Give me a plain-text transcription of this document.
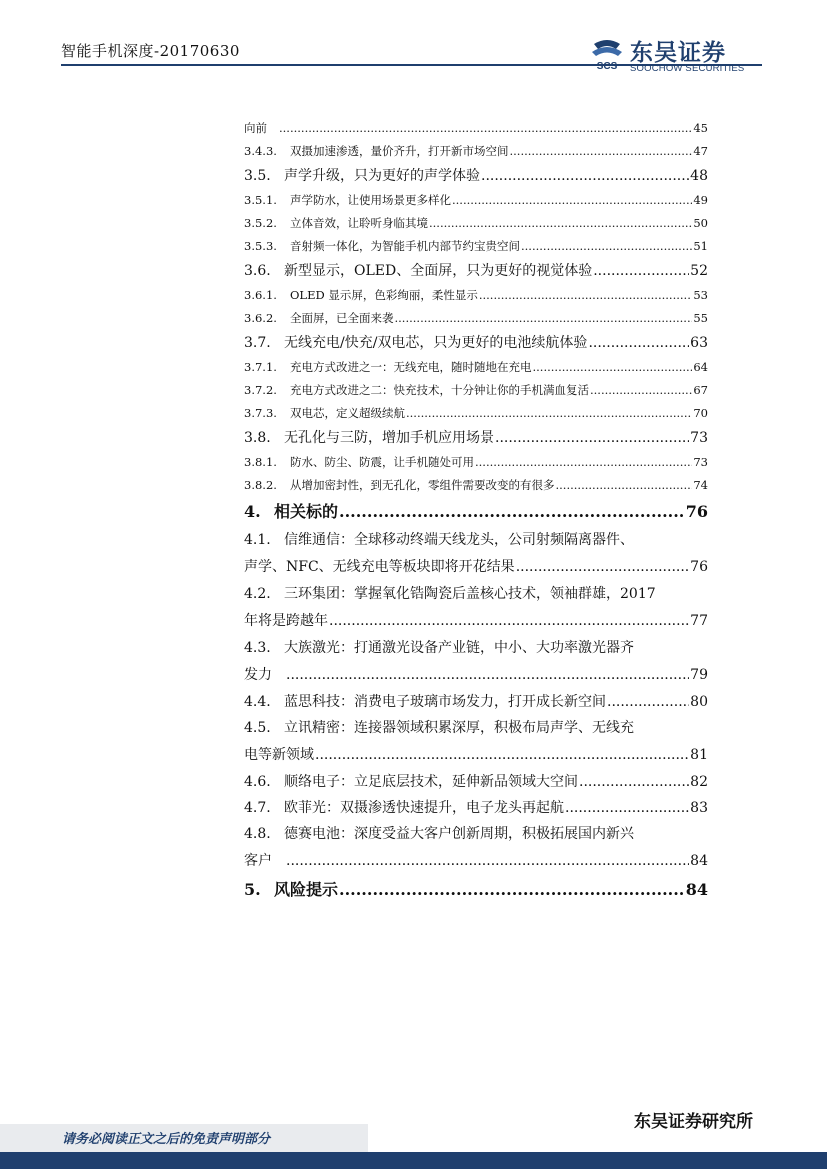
智能手机深度-20170630
SCS
东吴证券
SOOCHOW SECURITIES
向前 .....	45
3.4.3.	双摄加速渗透，量价齐升，打开新市场空间 .....	47
3.5. 声学升级，只为更好的声学体验 .....	48
3.5.1.	声学防水，让使用场景更多样化 .....	49
3.5.2.	立体音效，让聆听身临其境 .....	50
3.5.3.	音射频一体化，为智能手机内部节约宝贵空间 .....	51
3.6. 新型显示，OLED、全面屏，只为更好的视觉体验 .....	52
3.6.1.	OLED 显示屏，色彩绚丽，柔性显示 .....	53
3.6.2.	全面屏，已全面来袭 .....	55
3.7. 无线充电/快充/双电芯，只为更好的电池续航体验 .....	63
3.7.1.	充电方式改进之一：无线充电，随时随地在充电 .....	64
3.7.2.	充电方式改进之二：快充技术，十分钟让你的手机满血复活 .....	67
3.7.3.	双电芯，定义超级续航 .....	70
3.8. 无孔化与三防，增加手机应用场景 .....	73
3.8.1.	防水、防尘、防震，让手机随处可用 .....	73
3.8.2.	从增加密封性，到无孔化，零组件需要改变的有很多 .....	74
4. 相关标的 .....	76
4.1. 信维通信：全球移动终端天线龙头，公司射频隔离器件、
声学、NFC、无线充电等板块即将开花结果 .....	76
4.2. 三环集团：掌握氧化锆陶瓷后盖核心技术，领袖群雄，2017
年将是跨越年 .....	77
4.3. 大族激光：打通激光设备产业链，中小、大功率激光器齐
发力 .....	79
4.4. 蓝思科技：消费电子玻璃市场发力，打开成长新空间 .....	80
4.5. 立讯精密：连接器领域积累深厚，积极布局声学、无线充
电等新领域 .....	81
4.6. 顺络电子：立足底层技术，延伸新品领域大空间 .....	82
4.7. 欧菲光：双摄渗透快速提升，电子龙头再起航 .....	83
4.8. 德赛电池：深度受益大客户创新周期，积极拓展国内新兴
客户 .....	84
5. 风险提示 .....	84
请务必阅读正文之后的免责声明部分
东吴证券研究所
